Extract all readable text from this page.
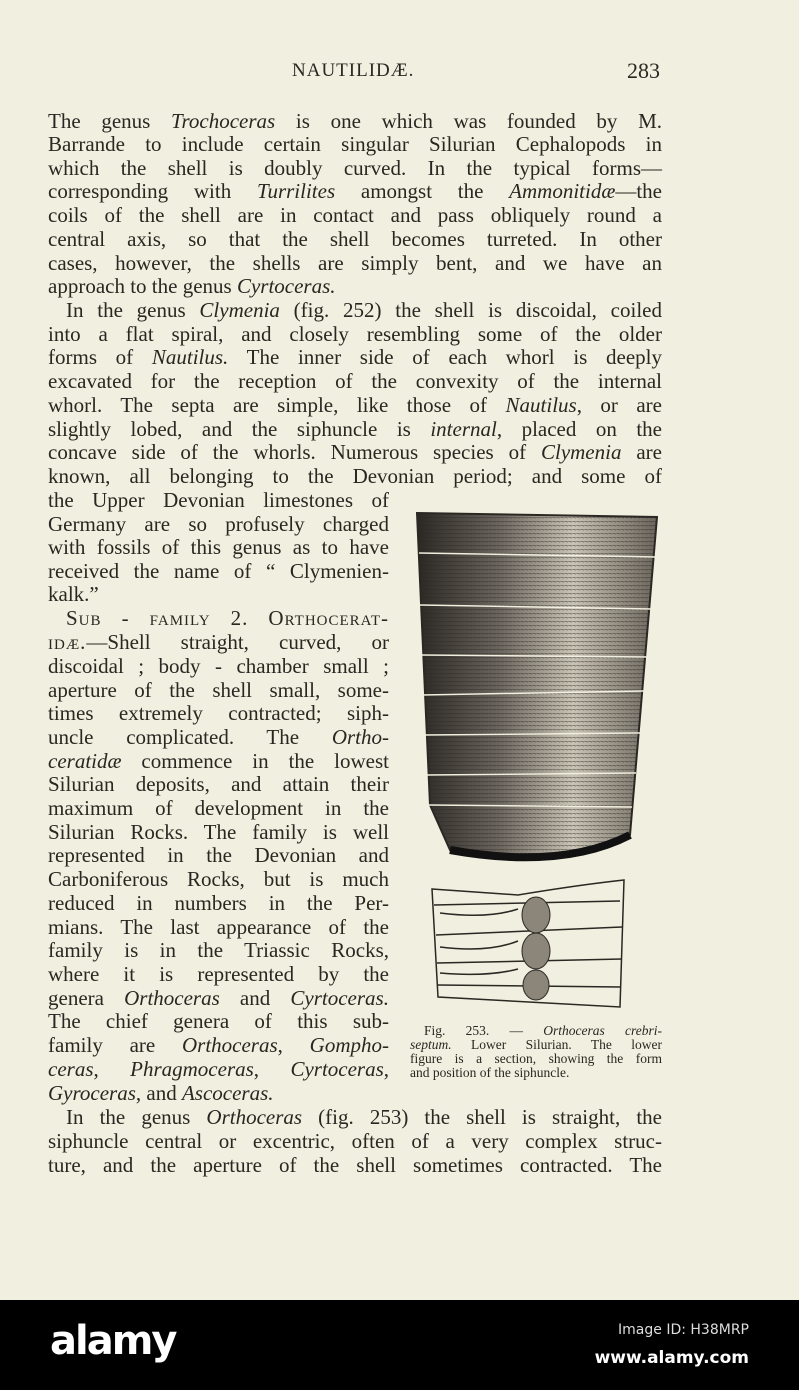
NAUTILIDÆ.	283
The genus Trochoceras is one which was founded by M.
Barrande to include certain singular Silurian Cephalopods in
which the shell is doubly curved. In the typical forms—
corresponding with Turrilites amongst the Ammonitidæ—the
coils of the shell are in contact and pass obliquely round a
central axis, so that the shell becomes turreted. In other
cases, however, the shells are simply bent, and we have an
approach to the genus Cyrtoceras.
In the genus Clymenia (fig. 252) the shell is discoidal, coiled
into a flat spiral, and closely resembling some of the older
forms of Nautilus. The inner side of each whorl is deeply
excavated for the reception of the convexity of the internal
whorl. The septa are simple, like those of Nautilus, or are
slightly lobed, and the siphuncle is internal, placed on the
concave side of the whorls. Numerous species of Clymenia are
known, all belonging to the Devonian period; and some of
the Upper Devonian limestones of
Germany are so profusely charged
with fossils of this genus as to have
received the name of “ Clymenien-
kalk.”
Sub - family 2. Orthocerat-
idæ.—Shell straight, curved, or
discoidal ; body - chamber small ;
aperture of the shell small, some-
times extremely contracted; siph-
uncle complicated. The Ortho-
ceratidæ commence in the lowest
Silurian deposits, and attain their
maximum of development in the
Silurian Rocks. The family is well
represented in the Devonian and
Carboniferous Rocks, but is much
reduced in numbers in the Per-
mians. The last appearance of the
family is in the Triassic Rocks,
where it is represented by the
genera Orthoceras and Cyrtoceras.
The chief genera of this sub-
family are Orthoceras, Gompho-
ceras, Phragmoceras, Cyrtoceras,
Gyroceras, and Ascoceras.
In the genus Orthoceras (fig. 253) the shell is straight, the
siphuncle central or excentric, often of a very complex struc-
ture, and the aperture of the shell sometimes contracted. The
Fig. 253. — Orthoceras crebri-
septum. Lower Silurian. The lower
figure is a section, showing the form
and position of the siphuncle.
alamy	Image ID: H38MRP
www.alamy.com
